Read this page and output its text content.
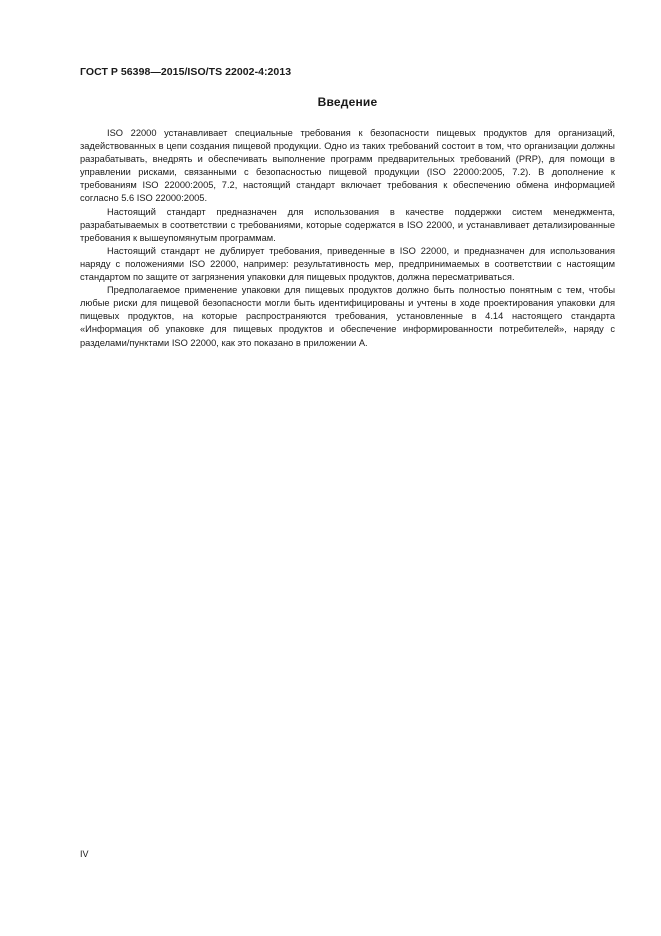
ГОСТ Р 56398—2015/ISO/TS 22002-4:2013
Введение

ISO 22000 устанавливает специальные требования к безопасности пищевых продуктов для организаций, задействованных в цепи создания пищевой продукции. Одно из таких требований состоит в том, что организации должны разрабатывать, внедрять и обеспечивать выполнение программ предварительных требований (PRP), для помощи в управлении рисками, связанными с безопасностью пищевой продукции (ISO 22000:2005, 7.2). В дополнение к требованиям ISO 22000:2005, 7.2, настоящий стандарт включает требования к обеспечению обмена информацией согласно 5.6 ISO 22000:2005.

Настоящий стандарт предназначен для использования в качестве поддержки систем менеджмента, разрабатываемых в соответствии с требованиями, которые содержатся в ISO 22000, и устанавливает детализированные требования к вышеупомянутым программам.

Настоящий стандарт не дублирует требования, приведенные в ISO 22000, и предназначен для использования наряду с положениями ISO 22000, например: результативность мер, предпринимаемых в соответствии с настоящим стандартом по защите от загрязнения упаковки для пищевых продуктов, должна пересматриваться.

Предполагаемое применение упаковки для пищевых продуктов должно быть полностью понятным с тем, чтобы любые риски для пищевой безопасности могли быть идентифицированы и учтены в ходе проектирования упаковки для пищевых продуктов, на которые распространяются требования, установленные в 4.14 настоящего стандарта «Информация об упаковке для пищевых продуктов и обеспечение информированности потребителей», наряду с разделами/пунктами ISO 22000, как это показано в приложении А.

IV
